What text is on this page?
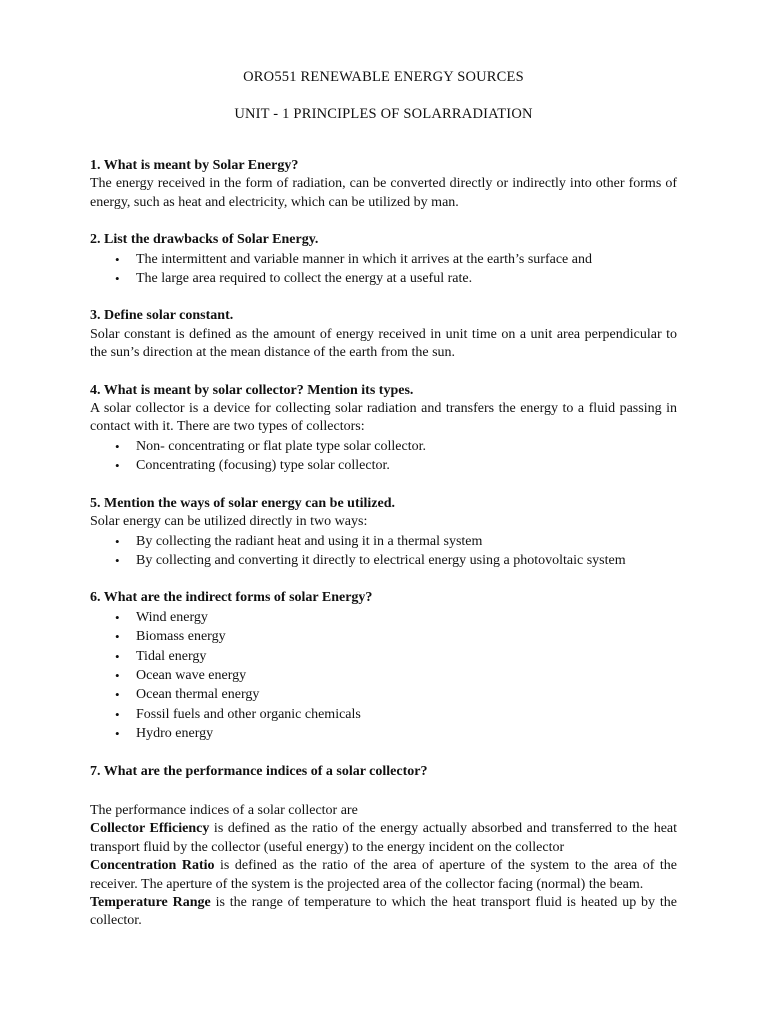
ORO551 RENEWABLE ENERGY SOURCES
UNIT - 1 PRINCIPLES OF SOLARRADIATION

1. What is meant by Solar Energy?

The energy received in the form of radiation, can be converted directly or indirectly into other forms of energy, such as heat and electricity, which can be utilized by man.

2. List the drawbacks of Solar Energy.

• The intermittent and variable manner in which it arrives at the earth’s surface and
• The large area required to collect the energy at a useful rate.

3. Define solar constant.

Solar constant is defined as the amount of energy received in unit time on a unit area perpendicular to the sun’s direction at the mean distance of the earth from the sun.

4. What is meant by solar collector? Mention its types.

A solar collector is a device for collecting solar radiation and transfers the energy to a fluid passing in contact with it. There are two types of collectors:

• Non- concentrating or flat plate type solar collector.
• Concentrating (focusing) type solar collector.

5. Mention the ways of solar energy can be utilized.

Solar energy can be utilized directly in two ways:

• By collecting the radiant heat and using it in a thermal system
• By collecting and converting it directly to electrical energy using a photovoltaic system

6. What are the indirect forms of solar Energy?

• Wind energy
• Biomass energy
• Tidal energy
• Ocean wave energy
• Ocean thermal energy
• Fossil fuels and other organic chemicals
• Hydro energy

7. What are the performance indices of a solar collector?

The performance indices of a solar collector are

Collector Efficiency is defined as the ratio of the energy actually absorbed and transferred to the heat transport fluid by the collector (useful energy) to the energy incident on the collector

Concentration Ratio is defined as the ratio of the area of aperture of the system to the area of the receiver. The aperture of the system is the projected area of the collector facing (normal) the beam.

Temperature Range is the range of temperature to which the heat transport fluid is heated up by the collector.
